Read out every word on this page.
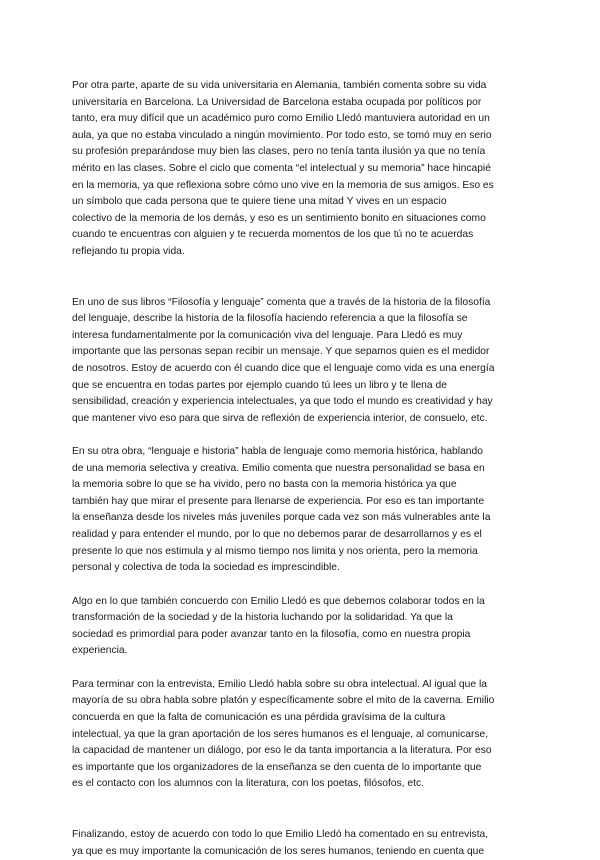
Por otra parte, aparte de su vida universitaria en Alemania, también comenta sobre su vida
universitaria en Barcelona. La Universidad de Barcelona estaba ocupada por políticos por
tanto, era muy difícil que un académico puro como Emilio Lledó mantuviera autoridad en un
aula, ya que no estaba vinculado a ningún movimiento. Por todo esto, se tomó muy en serio
su profesión preparándose muy bien las clases, pero no tenía tanta ilusión ya que no tenía
mérito en las clases. Sobre el ciclo que comenta “el intelectual y su memoria” hace hincapié
en la memoria, ya que reflexiona sobre cómo uno vive en la memoria de sus amigos. Eso es
un símbolo que cada persona que te quiere tiene una mitad Y vives en un espacio
colectivo de la memoria de los demás, y eso es un sentimiento bonito en situaciones como
cuando te encuentras con alguien y te recuerda momentos de los que tú no te acuerdas
reflejando tu propia vida.
En uno de sus libros “Filosofía y lenguaje” comenta que a través de la historia de la filosofía
del lenguaje, describe la historia de la filosofía haciendo referencia a que la filosofía se
interesa fundamentalmente por la comunicación viva del lenguaje. Para Lledó es muy
importante que las personas sepan recibir un mensaje. Y que sepamos quien es el medidor
de nosotros. Estoy de acuerdo con él cuando dice que el lenguaje como vida es una energía
que se encuentra en todas partes por ejemplo cuando tú lees un libro y te llena de
sensibilidad, creación y experiencia intelectuales, ya que todo el mundo es creatividad y hay
que mantener vivo eso para que sirva de reflexión de experiencia interior, de consuelo, etc.
En su otra obra, “lenguaje e historia” habla de lenguaje como memoria histórica, hablando
de una memoria selectiva y creativa. Emilio comenta que nuestra personalidad se basa en
la memoria sobre lo que se ha vivido, pero no basta con la memoria histórica ya que
también hay que mirar el presente para llenarse de experiencia. Por eso es tan importante
la enseñanza desde los niveles más juveniles porque cada vez son más vulnerables ante la
realidad y para entender el mundo, por lo que no debemos parar de desarrollarnos y es el
presente lo que nos estimula y al mismo tiempo nos limita y nos orienta, pero la memoria
personal y colectiva de toda la sociedad es imprescindible.
Algo en lo que también concuerdo con Emilio Lledó es que debemos colaborar todos en la
transformación de la sociedad y de la historia luchando por la solidaridad. Ya que la
sociedad es primordial para poder avanzar tanto en la filosofía, como en nuestra propia
experiencia.
Para terminar con la entrevista, Emilio Lledó habla sobre su obra intelectual. Al igual que la
mayoría de su obra habla sobre platón y específicamente sobre el mito de la caverna. Emilio
concuerda en que la falta de comunicación es una pérdida gravísima de la cultura
intelectual, ya que la gran aportación de los seres humanos es el lenguaje, al comunicarse,
la capacidad de mantener un diálogo, por eso le da tanta importancia a la literatura. Por eso
es importante que los organizadores de la enseñanza se den cuenta de lo importante que
es el contacto con los alumnos con la literatura, con los poetas, filósofos, etc.
Finalizando, estoy de acuerdo con todo lo que Emilio Lledó ha comentado en su entrevista,
ya que es muy importante la comunicación de los seres humanos, teniendo en cuenta que
